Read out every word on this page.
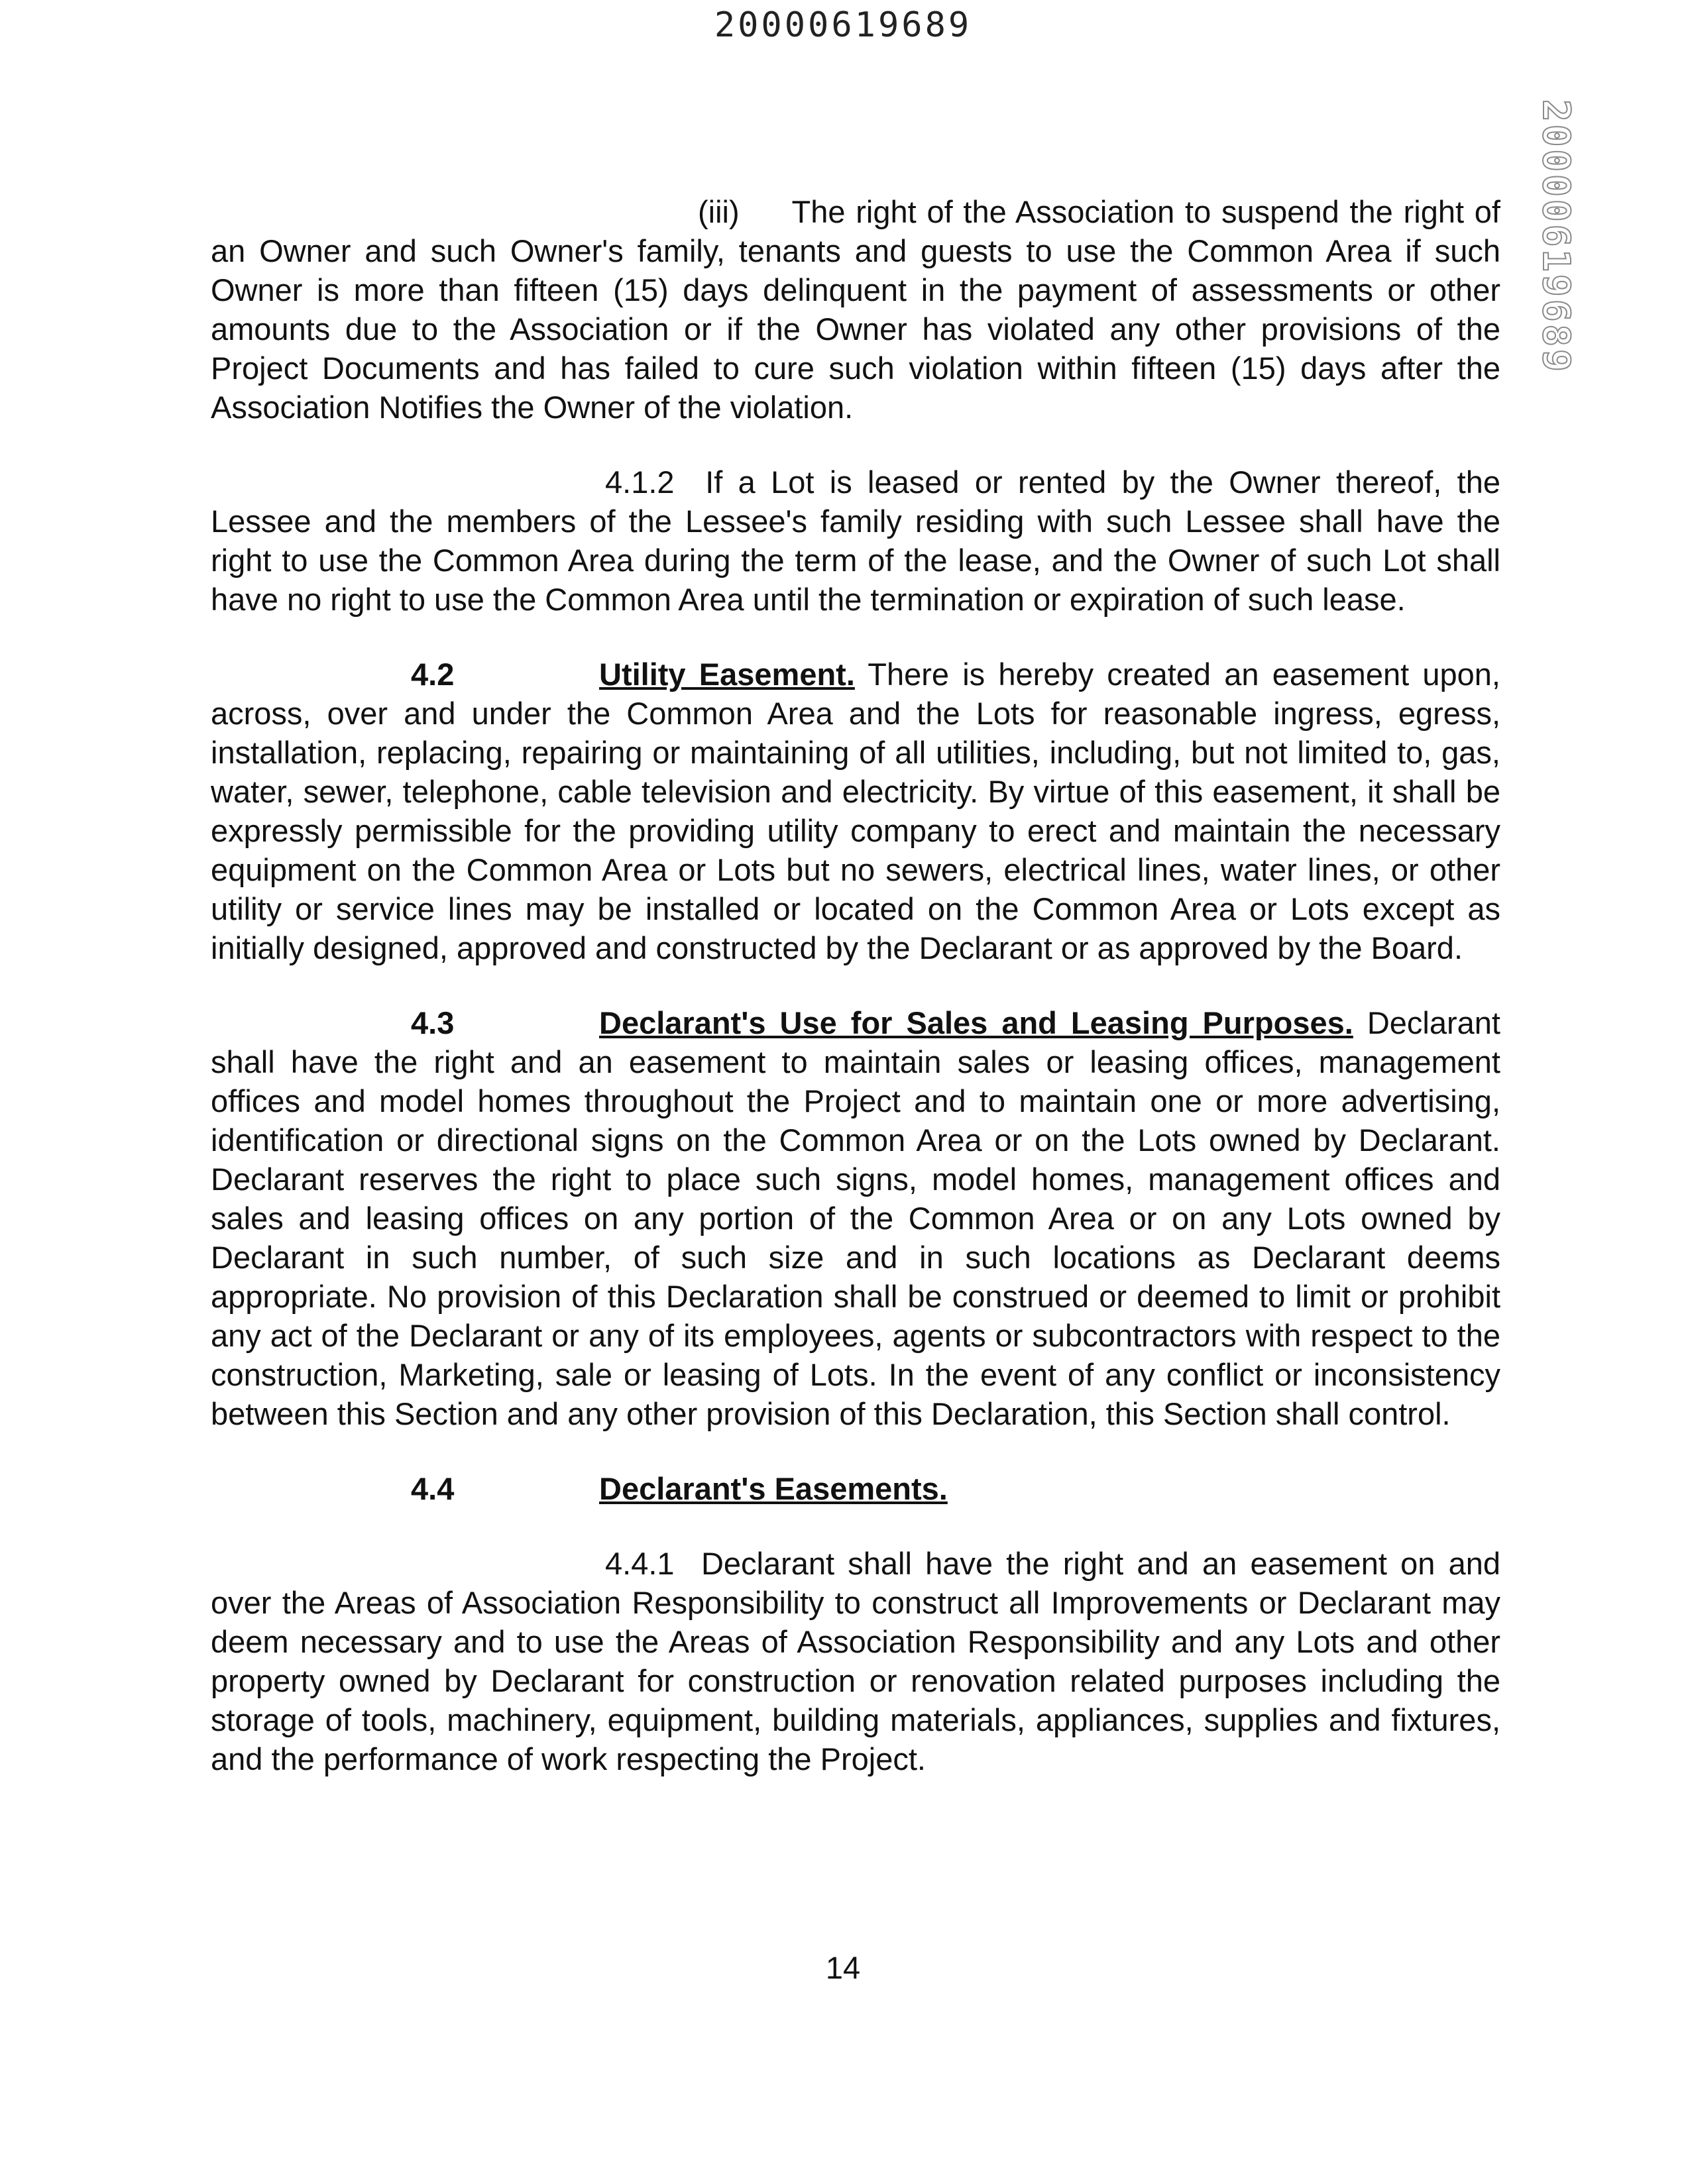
20000619689
20000619689

(iii) The right of the Association to suspend the right of an Owner and such Owner's family, tenants and guests to use the Common Area if such Owner is more than fifteen (15) days delinquent in the payment of assessments or other amounts due to the Association or if the Owner has violated any other provisions of the Project Documents and has failed to cure such violation within fifteen (15) days after the Association Notifies the Owner of the violation.

4.1.2 If a Lot is leased or rented by the Owner thereof, the Lessee and the members of the Lessee's family residing with such Lessee shall have the right to use the Common Area during the term of the lease, and the Owner of such Lot shall have no right to use the Common Area until the termination or expiration of such lease.

4.2	Utility Easement. There is hereby created an easement upon, across, over and under the Common Area and the Lots for reasonable ingress, egress, installation, replacing, repairing or maintaining of all utilities, including, but not limited to, gas, water, sewer, telephone, cable television and electricity. By virtue of this easement, it shall be expressly permissible for the providing utility company to erect and maintain the necessary equipment on the Common Area or Lots but no sewers, electrical lines, water lines, or other utility or service lines may be installed or located on the Common Area or Lots except as initially designed, approved and constructed by the Declarant or as approved by the Board.

4.3	Declarant's Use for Sales and Leasing Purposes. Declarant shall have the right and an easement to maintain sales or leasing offices, management offices and model homes throughout the Project and to maintain one or more advertising, identification or directional signs on the Common Area or on the Lots owned by Declarant. Declarant reserves the right to place such signs, model homes, management offices and sales and leasing offices on any portion of the Common Area or on any Lots owned by Declarant in such number, of such size and in such locations as Declarant deems appropriate. No provision of this Declaration shall be construed or deemed to limit or prohibit any act of the Declarant or any of its employees, agents or subcontractors with respect to the construction, Marketing, sale or leasing of Lots. In the event of any conflict or inconsistency between this Section and any other provision of this Declaration, this Section shall control.

4.4	Declarant's Easements.

4.4.1 Declarant shall have the right and an easement on and over the Areas of Association Responsibility to construct all Improvements or Declarant may deem necessary and to use the Areas of Association Responsibility and any Lots and other property owned by Declarant for construction or renovation related purposes including the storage of tools, machinery, equipment, building materials, appliances, supplies and fixtures, and the performance of work respecting the Project.

14
